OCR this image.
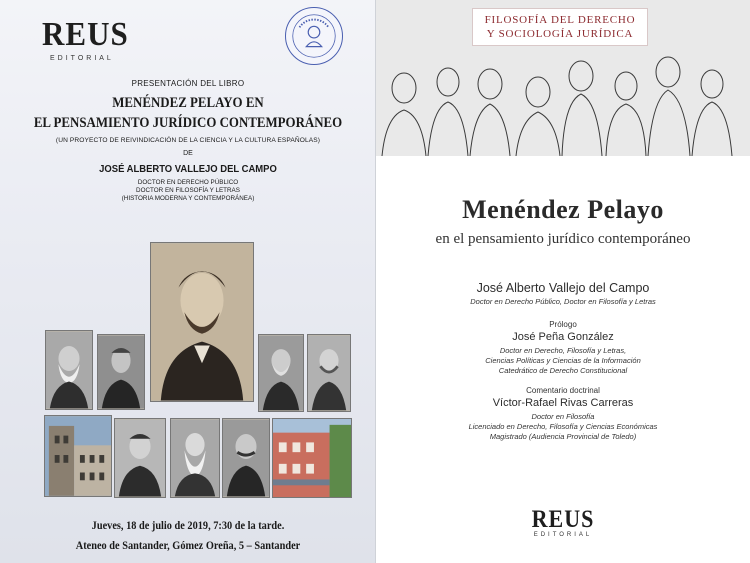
REUS
EDITORIAL
PRESENTACIÓN DEL LIBRO
MENÉNDEZ PELAYO EN
EL PENSAMIENTO JURÍDICO CONTEMPORÁNEO
(UN PROYECTO DE REIVINDICACIÓN DE LA CIENCIA Y LA CULTURA ESPAÑOLAS)
DE
JOSÉ ALBERTO VALLEJO DEL CAMPO
DOCTOR EN DERECHO PÚBLICO
DOCTOR EN FILOSOFÍA Y LETRAS
(HISTORIA MODERNA Y CONTEMPORÁNEA)
Jueves, 18 de julio de 2019, 7:30 de la tarde.
Ateneo de Santander, Gómez Oreña, 5 – Santander
FILOSOFÍA DEL DERECHO
Y SOCIOLOGÍA JURÍDICA
Menéndez Pelayo
en el pensamiento jurídico contemporáneo
José Alberto Vallejo del Campo
Doctor en Derecho Público, Doctor en Filosofía y Letras
Prólogo
José Peña González
Doctor en Derecho, Filosofía y Letras,
Ciencias Políticas y Ciencias de la Información
Catedrático de Derecho Constitucional
Comentario doctrinal
Víctor-Rafael Rivas Carreras
Doctor en Filosofía
Licenciado en Derecho, Filosofía y Ciencias Económicas
Magistrado (Audiencia Provincial de Toledo)
REUS
EDITORIAL
